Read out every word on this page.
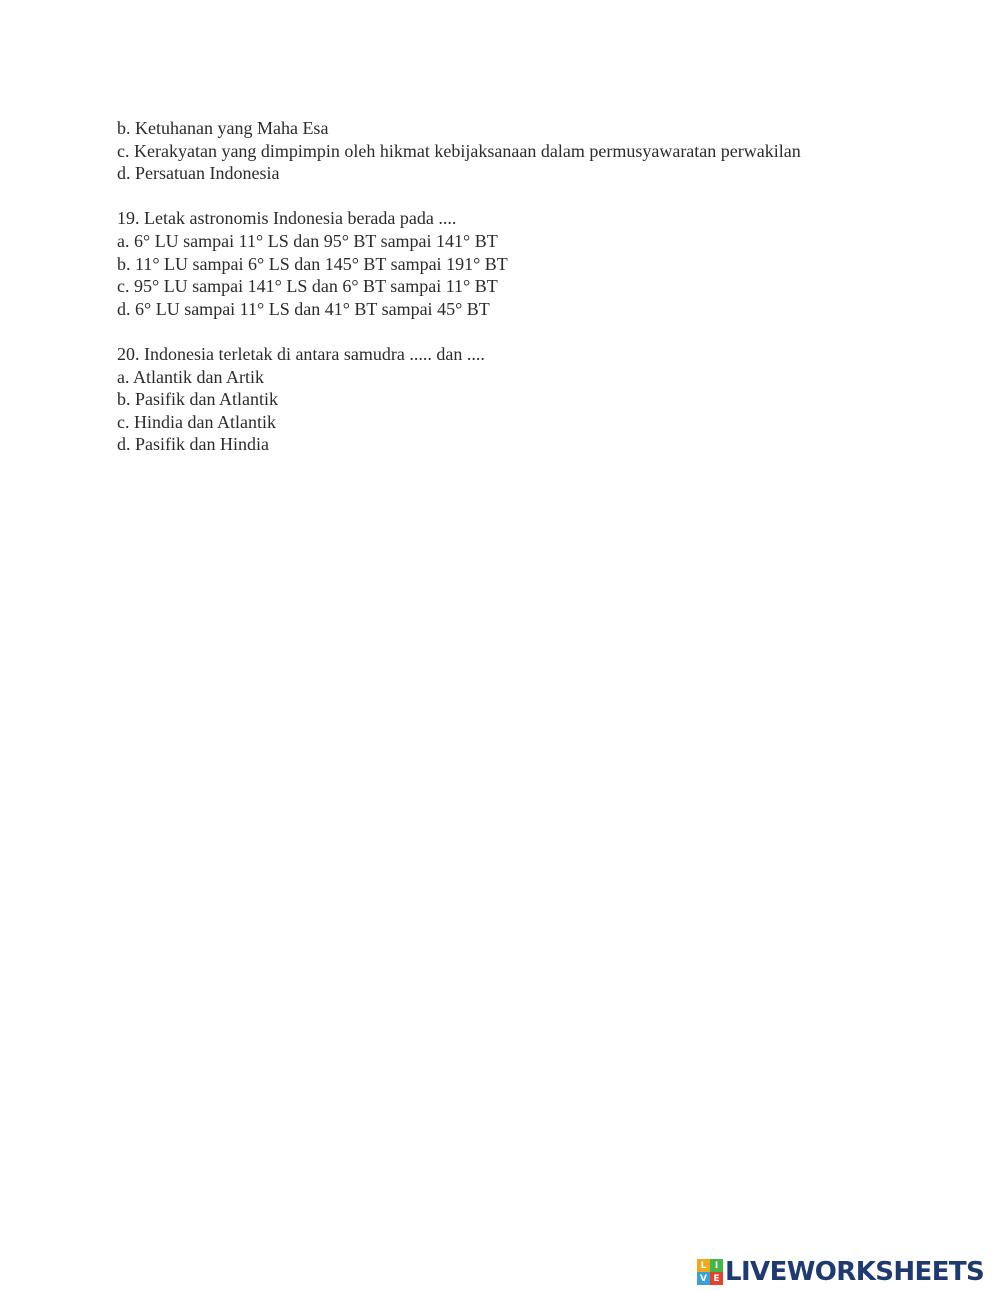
b. Ketuhanan yang Maha Esa

c. Kerakyatan yang dimpimpin oleh hikmat kebijaksanaan dalam permusyawaratan perwakilan

d. Persatuan Indonesia

19. Letak astronomis Indonesia berada pada ....

a. 6° LU sampai 11° LS dan 95° BT sampai 141° BT

b. 11° LU sampai 6° LS dan 145° BT sampai 191° BT

c. 95° LU sampai 141° LS dan 6° BT sampai 11° BT

d. 6° LU sampai 11° LS dan 41° BT sampai 45° BT

20. Indonesia terletak di antara samudra ..... dan ....

a. Atlantik dan Artik

b. Pasifik dan Atlantik

c. Hindia dan Atlantik

d. Pasifik dan Hindia

L I
V E LIVEWORKSHEETS
